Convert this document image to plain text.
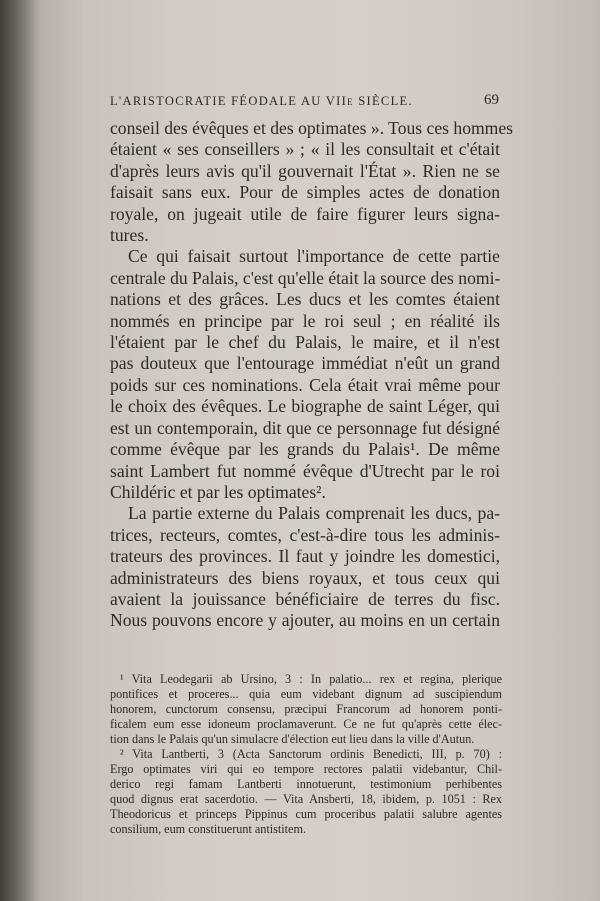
L'ARISTOCRATIE FÉODALE AU VIIe SIÈCLE.	69
conseil des évêques et des optimates ». Tous ces hommes
étaient « ses conseillers » ; « il les consultait et c'était
d'après leurs avis qu'il gouvernait l'État ». Rien ne se
faisait sans eux. Pour de simples actes de donation
royale, on jugeait utile de faire figurer leurs signa-
tures.
Ce qui faisait surtout l'importance de cette partie
centrale du Palais, c'est qu'elle était la source des nomi-
nations et des grâces. Les ducs et les comtes étaient
nommés en principe par le roi seul ; en réalité ils
l'étaient par le chef du Palais, le maire, et il n'est
pas douteux que l'entourage immédiat n'eût un grand
poids sur ces nominations. Cela était vrai même pour
le choix des évêques. Le biographe de saint Léger, qui
est un contemporain, dit que ce personnage fut désigné
comme évêque par les grands du Palais¹. De même
saint Lambert fut nommé évêque d'Utrecht par le roi
Childéric et par les optimates².
La partie externe du Palais comprenait les ducs, pa-
trices, recteurs, comtes, c'est-à-dire tous les adminis-
trateurs des provinces. Il faut y joindre les domestici,
administrateurs des biens royaux, et tous ceux qui
avaient la jouissance bénéficiaire de terres du fisc.
Nous pouvons encore y ajouter, au moins en un certain
¹ Vita Leodegarii ab Ursino, 3 : In palatio... rex et regina, plerique
pontifices et proceres... quia eum videbant dignum ad suscipiendum
honorem, cunctorum consensu, præcipui Francorum ad honorem ponti-
ficalem eum esse idoneum proclamaverunt. Ce ne fut qu'après cette élec-
tion dans le Palais qu'un simulacre d'élection eut lieu dans la ville d'Autun.
² Vita Lantberti, 3 (Acta Sanctorum ordinis Benedicti, III, p. 70) :
Ergo optimates viri qui eo tempore rectores palatii videbantur, Chil-
derico regi famam Lantberti innotuerunt, testimonium perhibentes
quod dignus erat sacerdotio. — Vita Ansberti, 18, ibidem, p. 1051 : Rex
Theodoricus et princeps Pippinus cum proceribus palatii salubre agentes
consilium, eum constituerunt antistitem.
